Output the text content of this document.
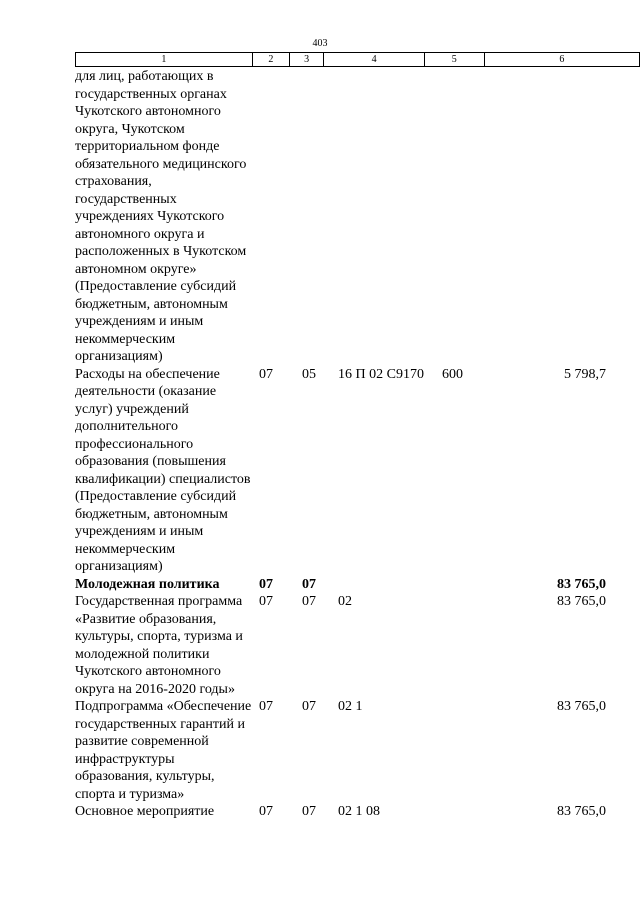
403
1	2	3	4	5	6
для лиц, работающих в государственных органах Чукотского автономного округа, Чукотском территориальном фонде обязательного медицинского страхования, государственных учреждениях Чукотского автономного округа и расположенных в Чукотском автономном округе» (Предоставление субсидий бюджетным, автономным учреждениям и иным некоммерческим организациям)					
Расходы на обеспечение деятельности (оказание услуг) учреждений дополнительного профессионального образования (повышения квалификации) специалистов (Предоставление субсидий бюджетным, автономным учреждениям и иным некоммерческим организациям)	07	05	16 П 02 С9170	600	5 798,7
Молодежная политика	07	07			83 765,0
Государственная программа «Развитие образования, культуры, спорта, туризма и молодежной политики Чукотского автономного округа на 2016-2020 годы»	07	07	02		83 765,0
Подпрограмма «Обеспечение государственных гарантий и развитие современной инфраструктуры образования, культуры, спорта и туризма»	07	07	02 1		83 765,0
Основное мероприятие	07	07	02 1 08		83 765,0
